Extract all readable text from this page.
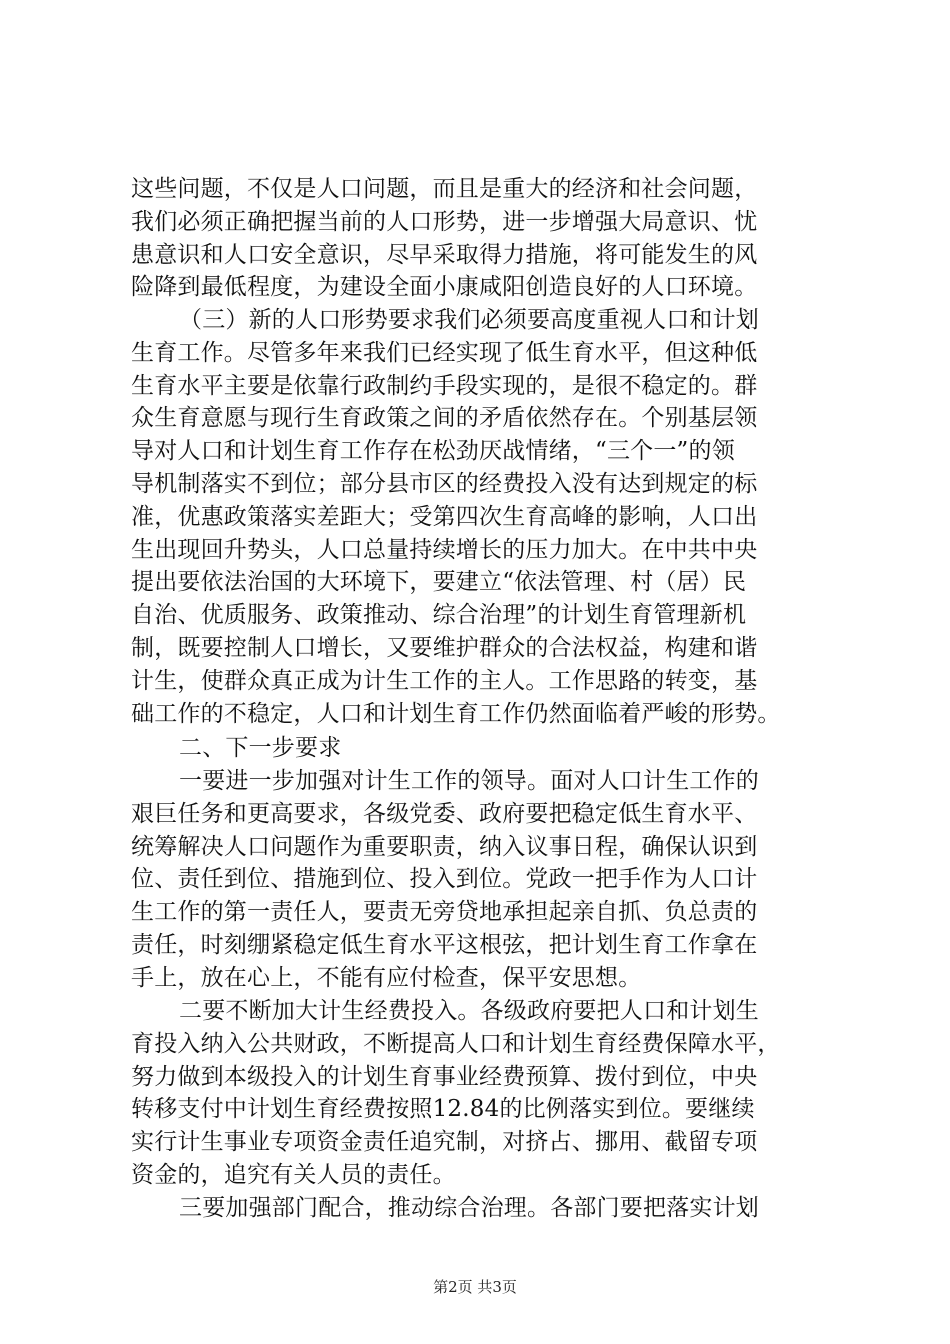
这些问题，不仅是人口问题，而且是重大的经济和社会问题，
我们必须正确把握当前的人口形势，进一步增强大局意识、忧
患意识和人口安全意识，尽早采取得力措施，将可能发生的风
险降到最低程度，为建设全面小康咸阳创造良好的人口环境。
（三）新的人口形势要求我们必须要高度重视人口和计划
生育工作。尽管多年来我们已经实现了低生育水平，但这种低
生育水平主要是依靠行政制约手段实现的，是很不稳定的。群
众生育意愿与现行生育政策之间的矛盾依然存在。个别基层领
导对人口和计划生育工作存在松劲厌战情绪，“三个一”的领
导机制落实不到位；部分县市区的经费投入没有达到规定的标
准，优惠政策落实差距大；受第四次生育高峰的影响，人口出
生出现回升势头，人口总量持续增长的压力加大。在中共中央
提出要依法治国的大环境下，要建立“依法管理、村（居）民
自治、优质服务、政策推动、综合治理”的计划生育管理新机
制，既要控制人口增长，又要维护群众的合法权益，构建和谐
计生，使群众真正成为计生工作的主人。工作思路的转变，基
础工作的不稳定，人口和计划生育工作仍然面临着严峻的形势。
二、下一步要求
一要进一步加强对计生工作的领导。面对人口计生工作的
艰巨任务和更高要求，各级党委、政府要把稳定低生育水平、
统筹解决人口问题作为重要职责，纳入议事日程，确保认识到
位、责任到位、措施到位、投入到位。党政一把手作为人口计
生工作的第一责任人，要责无旁贷地承担起亲自抓、负总责的
责任，时刻绷紧稳定低生育水平这根弦，把计划生育工作拿在
手上，放在心上，不能有应付检查，保平安思想。
二要不断加大计生经费投入。各级政府要把人口和计划生
育投入纳入公共财政，不断提高人口和计划生育经费保障水平，
努力做到本级投入的计划生育事业经费预算、拨付到位，中央
转移支付中计划生育经费按照12.84的比例落实到位。要继续
实行计生事业专项资金责任追究制，对挤占、挪用、截留专项
资金的，追究有关人员的责任。
三要加强部门配合，推动综合治理。各部门要把落实计划
第2页 共3页
